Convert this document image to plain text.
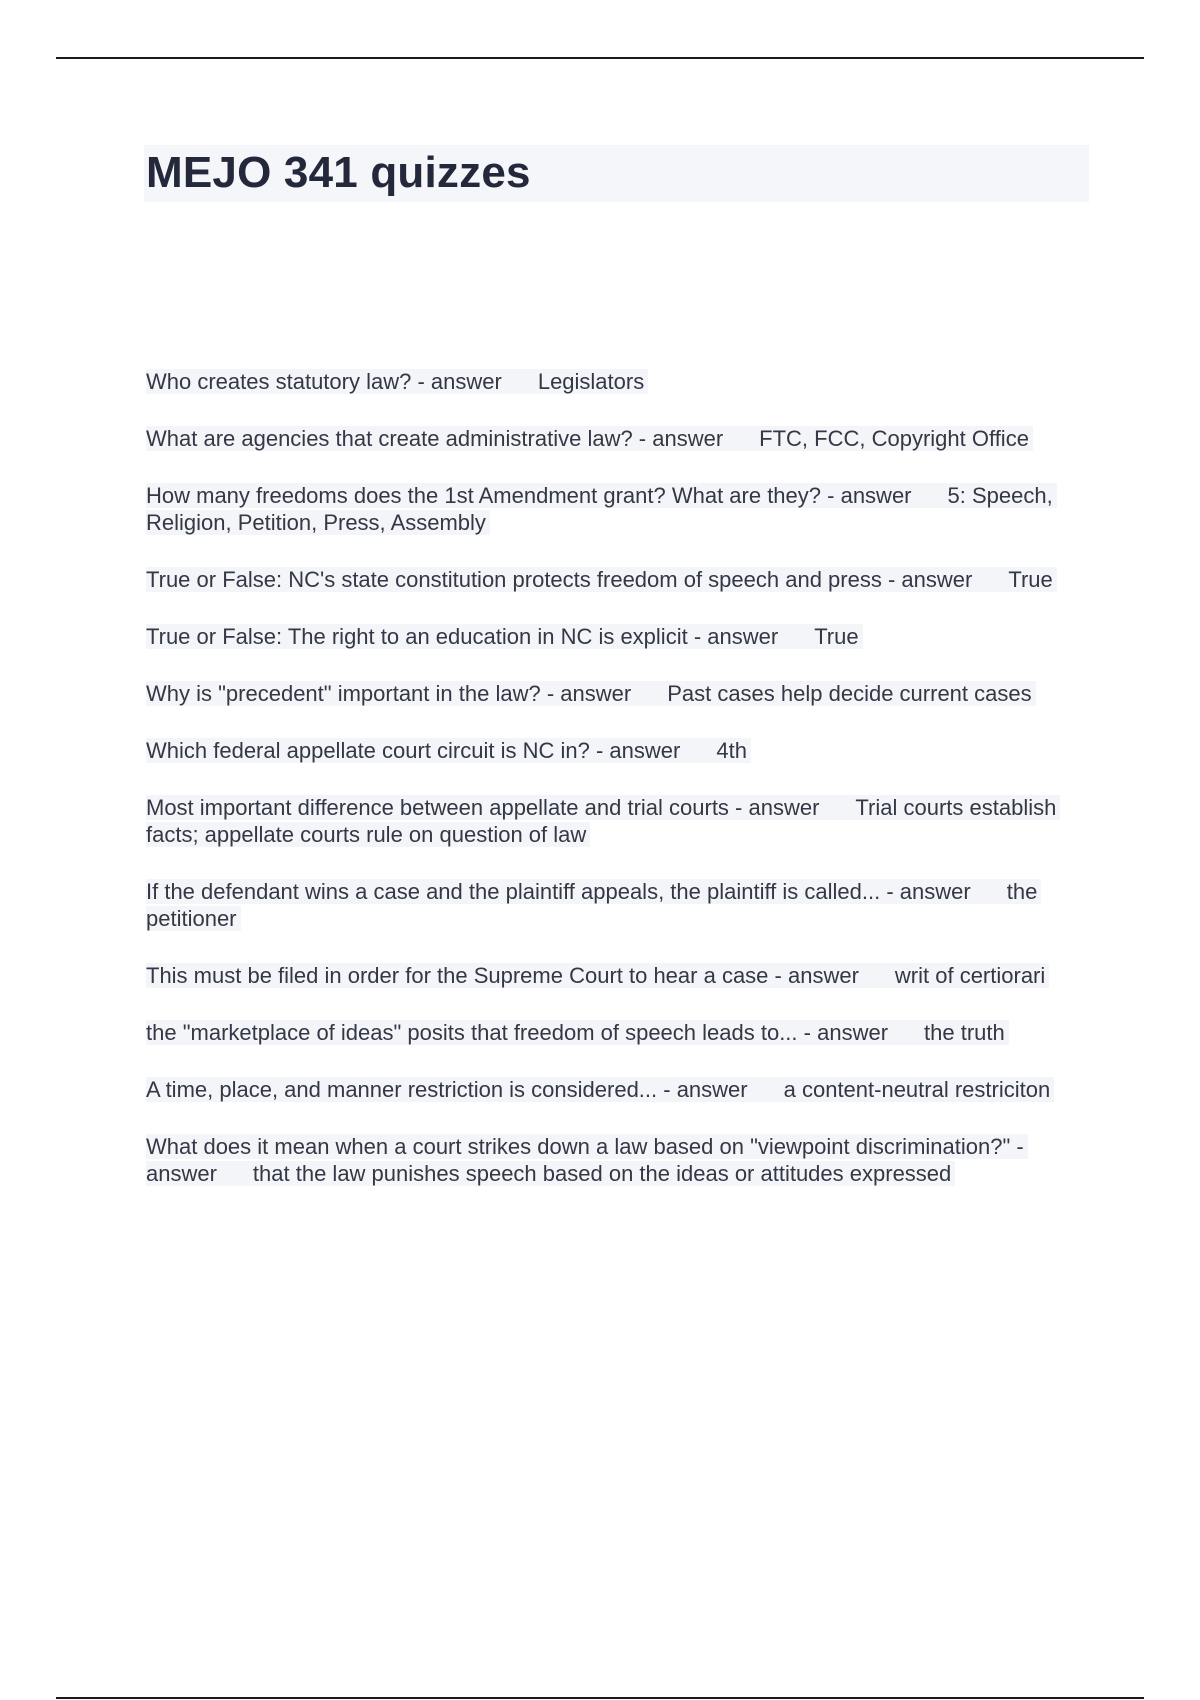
MEJO 341 quizzes
Who creates statutory law? - answer Legislators
What are agencies that create administrative law? - answer FTC, FCC, Copyright Office
How many freedoms does the 1st Amendment grant? What are they? - answer 5: Speech, Religion, Petition, Press, Assembly
True or False: NC's state constitution protects freedom of speech and press - answer True
True or False: The right to an education in NC is explicit - answer True
Why is "precedent" important in the law? - answer Past cases help decide current cases
Which federal appellate court circuit is NC in? - answer 4th
Most important difference between appellate and trial courts - answer Trial courts establish facts; appellate courts rule on question of law
If the defendant wins a case and the plaintiff appeals, the plaintiff is called... - answer the petitioner
This must be filed in order for the Supreme Court to hear a case - answer writ of certiorari
the "marketplace of ideas" posits that freedom of speech leads to... - answer the truth
A time, place, and manner restriction is considered... - answer a content-neutral restriciton
What does it mean when a court strikes down a law based on "viewpoint discrimination?" - answer that the law punishes speech based on the ideas or attitudes expressed
